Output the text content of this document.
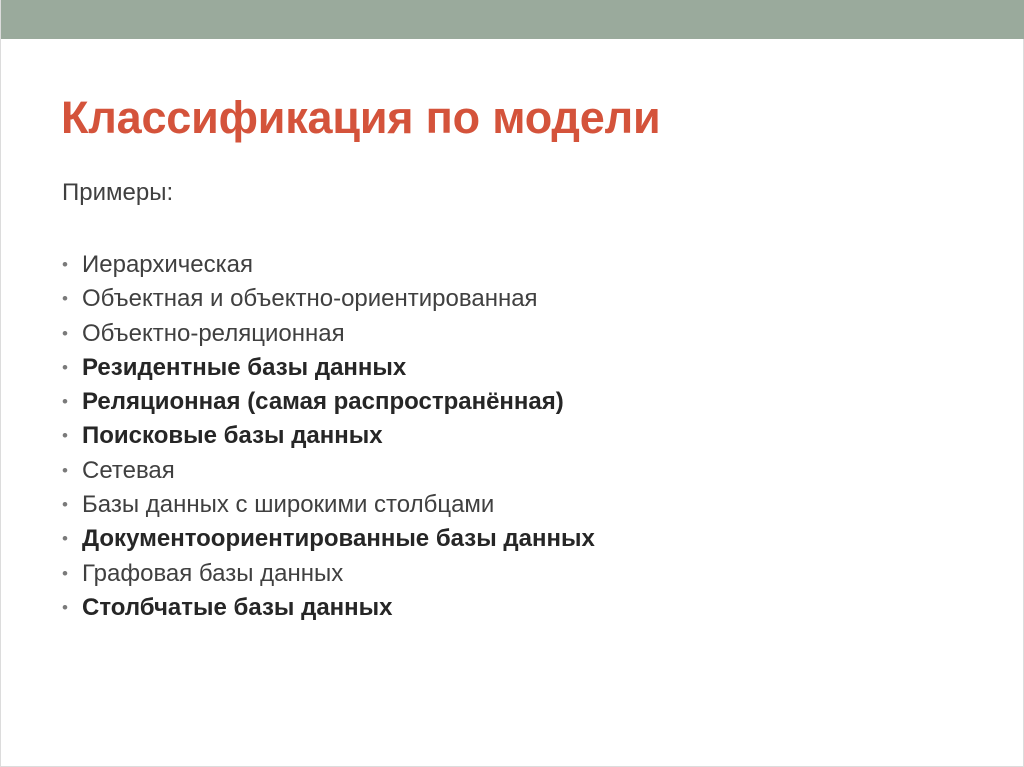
Классификация по модели

Примеры:

• Иерархическая
• Объектная и объектно-ориентированная
• Объектно-реляционная
• Резидентные базы данных
• Реляционная (самая распространённая)
• Поисковые базы данных
• Сетевая
• Базы данных с широкими столбцами
• Документоориентированные базы данных
• Графовая базы данных
• Столбчатые базы данных
